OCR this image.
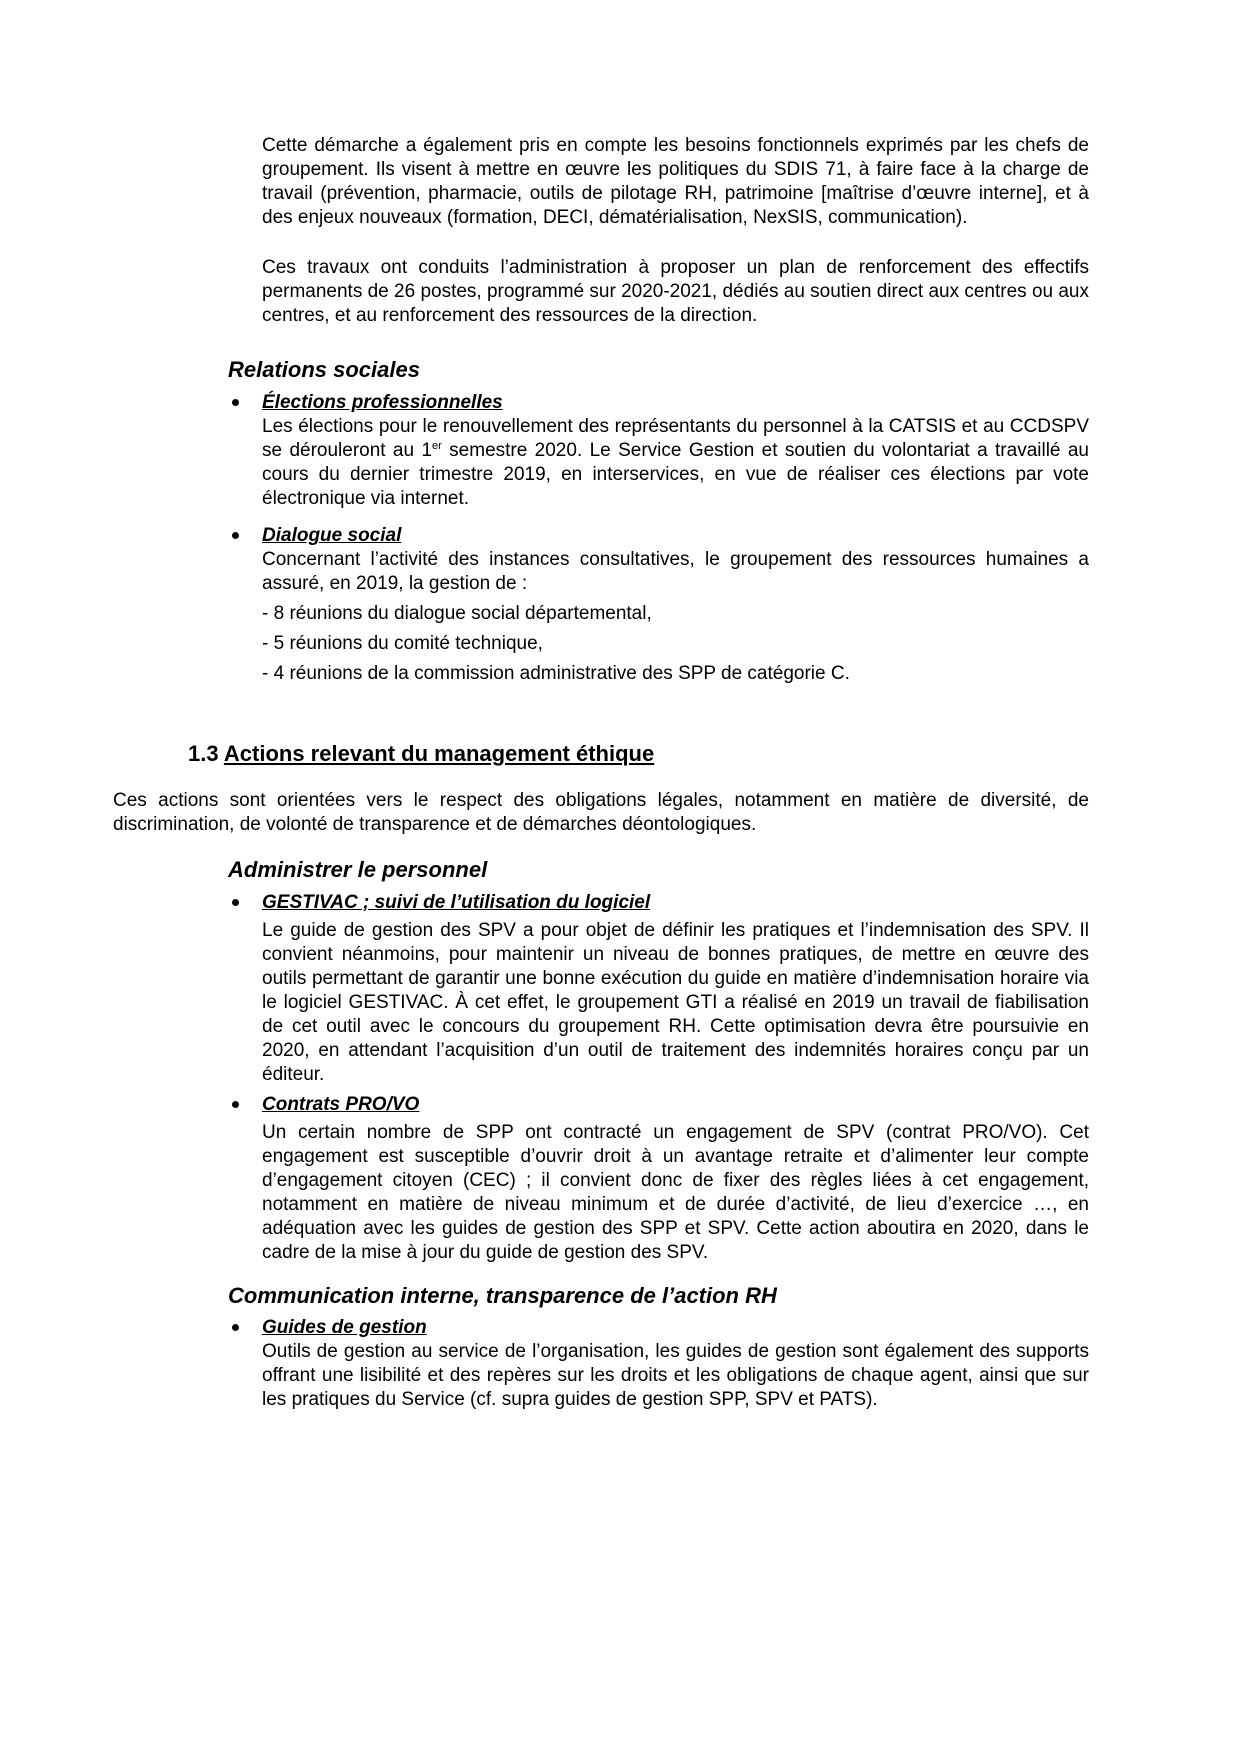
Cette démarche a également pris en compte les besoins fonctionnels exprimés par les chefs de groupement. Ils visent à mettre en œuvre les politiques du SDIS 71, à faire face à la charge de travail (prévention, pharmacie, outils de pilotage RH, patrimoine [maîtrise d’œuvre interne], et à des enjeux nouveaux (formation, DECI, dématérialisation, NexSIS, communication).

Ces travaux ont conduits l’administration à proposer un plan de renforcement des effectifs permanents de 26 postes, programmé sur 2020-2021, dédiés au soutien direct aux centres ou aux centres, et au renforcement des ressources de la direction.

Relations sociales
Élections professionnelles

Les élections pour le renouvellement des représentants du personnel à la CATSIS et au CCDSPV se dérouleront au 1er semestre 2020. Le Service Gestion et soutien du volontariat a travaillé au cours du dernier trimestre 2019, en interservices, en vue de réaliser ces élections par vote électronique via internet.

Dialogue social

Concernant l’activité des instances consultatives, le groupement des ressources humaines a assuré, en 2019, la gestion de :

- 8 réunions du dialogue social départemental,

- 5 réunions du comité technique,

- 4 réunions de la commission administrative des SPP de catégorie C.

1.3 Actions relevant du management éthique

Ces actions sont orientées vers le respect des obligations légales, notamment en matière de diversité, de discrimination, de volonté de transparence et de démarches déontologiques.

Administrer le personnel
GESTIVAC ; suivi de l’utilisation du logiciel

Le guide de gestion des SPV a pour objet de définir les pratiques et l’indemnisation des SPV. Il convient néanmoins, pour maintenir un niveau de bonnes pratiques, de mettre en œuvre des outils permettant de garantir une bonne exécution du guide en matière d’indemnisation horaire via le logiciel GESTIVAC. À cet effet, le groupement GTI a réalisé en 2019 un travail de fiabilisation de cet outil avec le concours du groupement RH. Cette optimisation devra être poursuivie en 2020, en attendant l’acquisition d’un outil de traitement des indemnités horaires conçu par un éditeur.

Contrats PRO/VO

Un certain nombre de SPP ont contracté un engagement de SPV (contrat PRO/VO). Cet engagement est susceptible d’ouvrir droit à un avantage retraite et d’alimenter leur compte d’engagement citoyen (CEC) ; il convient donc de fixer des règles liées à cet engagement, notamment en matière de niveau minimum et de durée d’activité, de lieu d’exercice …, en adéquation avec les guides de gestion des SPP et SPV. Cette action aboutira en 2020, dans le cadre de la mise à jour du guide de gestion des SPV.

Communication interne, transparence de l’action RH
Guides de gestion

Outils de gestion au service de l’organisation, les guides de gestion sont également des supports offrant une lisibilité et des repères sur les droits et les obligations de chaque agent, ainsi que sur les pratiques du Service (cf. supra guides de gestion SPP, SPV et PATS).
